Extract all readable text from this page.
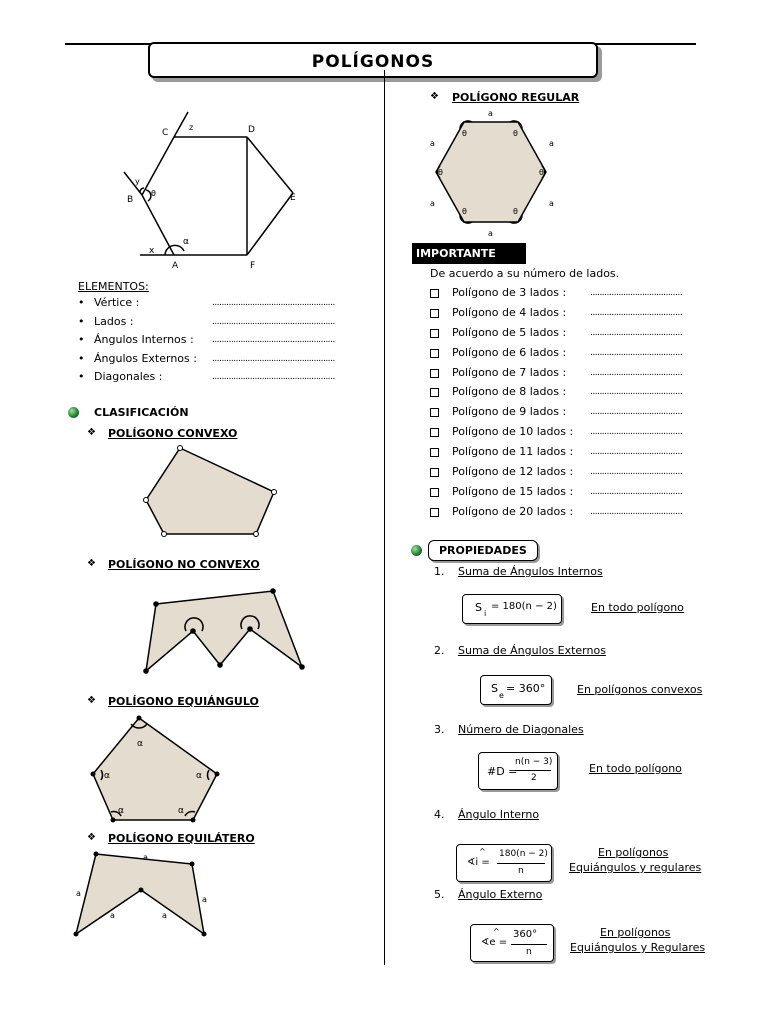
POLÍGONOS
C
z	D
E
B
y
θ
x
α
A	F
ELEMENTOS:
• Vértice :	....................................................
• Lados :	....................................................
• Ángulos Internos : ....................................................
• Ángulos Externos : ....................................................
• Diagonales :	....................................................
CLASIFICACIÓN
❖ POLÍGONO CONVEXO
❖ POLÍGONO NO CONVEXO
❖ POLÍGONO EQUIÁNGULO
α
α
α
α
α
❖ POLÍGONO EQUILÁTERO
a
a
a
a
a
❖ POLÍGONO REGULAR
a
a
a
a
a
a
θ	θ
θ
θ
θ
θ
IMPORTANTE
De acuerdo a su número de lados.
Polígono de 3 lados :	.......................................
Polígono de 4 lados :	.......................................
Polígono de 5 lados :	.......................................
Polígono de 6 lados :	.......................................
Polígono de 7 lados :	.......................................
Polígono de 8 lados :	.......................................
Polígono de 9 lados :	.......................................
Polígono de 10 lados : .......................................
Polígono de 11 lados : .......................................
Polígono de 12 lados : .......................................
Polígono de 15 lados : .......................................
Polígono de 20 lados : .......................................
PROPIEDADES
1. Suma de Ángulos Internos
S i
= 180(n − 2)	En todo polígono
2. Suma de Ángulos Externos
S
e
= 360°	En polígonos convexos
3. Número de Diagonales
#D =
n(n − 3)
2
En todo polígono
4. Ángulo Interno
^
∢i =
180(n − 2)
n
En polígonos
Equiángulos y regulares
5. Ángulo Externo
^
∢e =
360°
n
En polígonos
Equiángulos y Regulares
